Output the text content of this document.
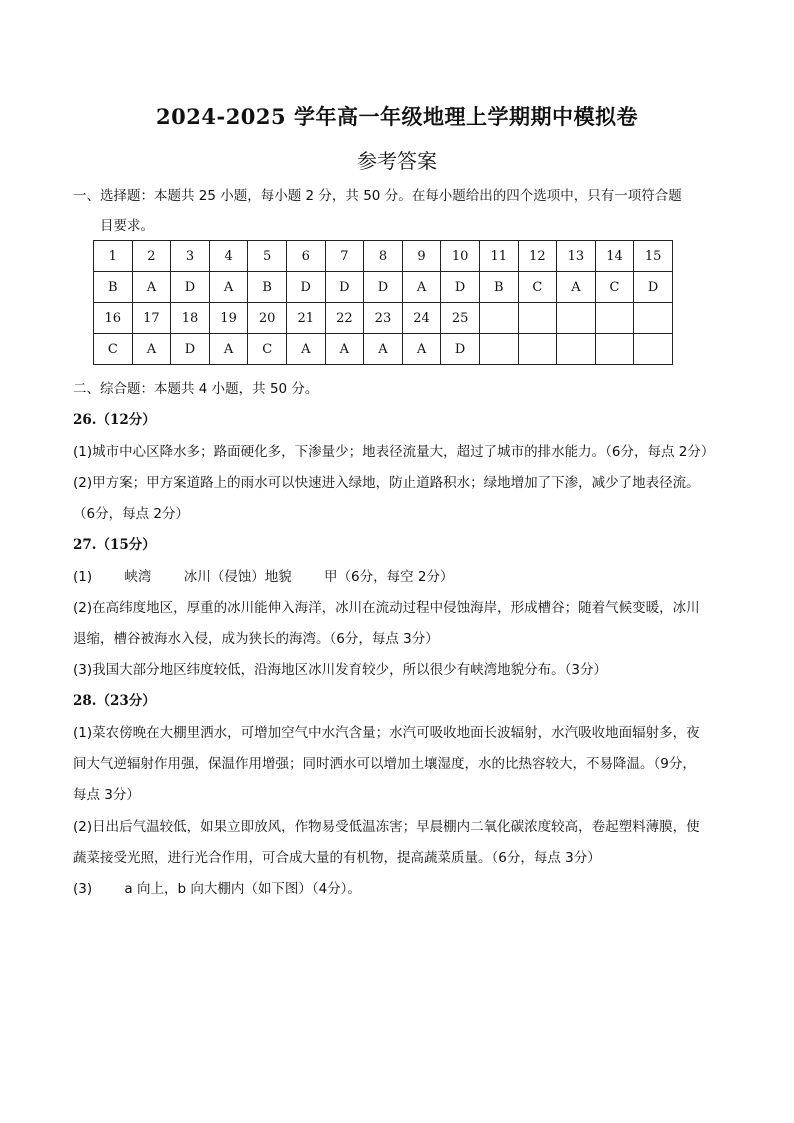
2024-2025 学年高一年级地理上学期期中模拟卷
参考答案
一、选择题：本题共 25 小题，每小题 2 分，共 50 分。在每小题给出的四个选项中，只有一项符合题
目要求。
1	2	3	4	5	6	7	8	9	10	11	12	13	14	15
B	A	D	A	B	D	D	D	A	D	B	C	A	C	D
16	17	18	19	20	21	22	23	24	25					
C	A	D	A	C	A	A	A	A	D					
二、综合题：本题共 4 小题，共 50 分。
26.（12分）
(1)城市中心区降水多；路面硬化多，下渗量少；地表径流量大，超过了城市的排水能力。（6分，每点 2分）
(2)甲方案；甲方案道路上的雨水可以快速进入绿地，防止道路积水；绿地增加了下渗，减少了地表径流。
（6分，每点 2分）
27.（15分）
(1) 峡湾 冰川（侵蚀）地貌 甲（6分，每空 2分）
(2)在高纬度地区，厚重的冰川能伸入海洋，冰川在流动过程中侵蚀海岸，形成槽谷；随着气候变暖，冰川
退缩，槽谷被海水入侵，成为狭长的海湾。（6分，每点 3分）
(3)我国大部分地区纬度较低，沿海地区冰川发育较少，所以很少有峡湾地貌分布。（3分）
28.（23分）
(1)菜农傍晚在大棚里洒水，可增加空气中水汽含量；水汽可吸收地面长波辐射，水汽吸收地面辐射多，夜
间大气逆辐射作用强，保温作用增强；同时洒水可以增加土壤湿度，水的比热容较大，不易降温。（9分，
每点 3分）
(2)日出后气温较低，如果立即放风，作物易受低温冻害；早晨棚内二氧化碳浓度较高，卷起塑料薄膜，使
蔬菜接受光照，进行光合作用，可合成大量的有机物，提高蔬菜质量。（6分，每点 3分）
(3) a 向上，b 向大棚内（如下图）（4分）。
